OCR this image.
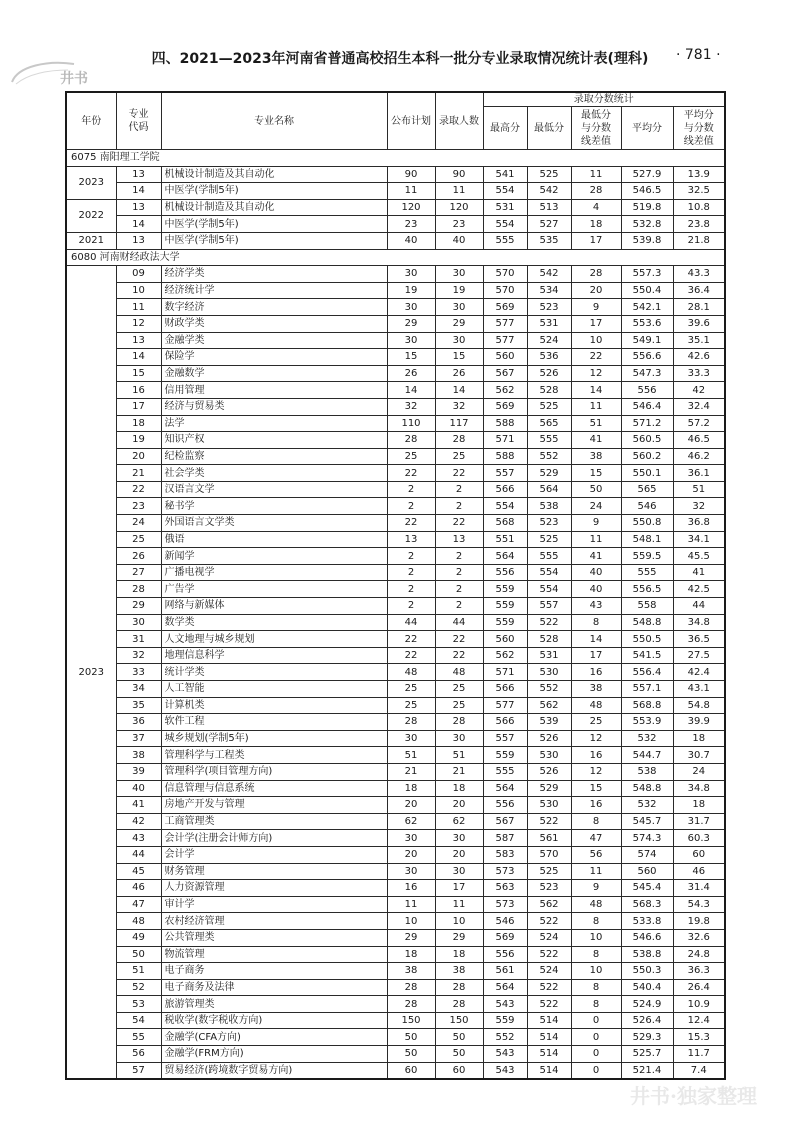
井书
四、2021—2023年河南省普通高校招生本科一批分专业录取情况统计表(理科)	· 781 ·
年份	专业代码	专业名称	公布计划	录取人数	录取分数统计				
					最高分	最低分	最低分与分数线差值	平均分	平均分与分数线差值
6075 南阳理工学院									
2023	13	机械设计制造及其自动化	90	90	541	525	11	527.9	13.9
	14	中医学(学制5年)	11	11	554	542	28	546.5	32.5
2022	13	机械设计制造及其自动化	120	120	531	513	4	519.8	10.8
	14	中医学(学制5年)	23	23	554	527	18	532.8	23.8
2021	13	中医学(学制5年)	40	40	555	535	17	539.8	21.8
6080 河南财经政法大学									
2023	09	经济学类	30	30	570	542	28	557.3	43.3
	10	经济统计学	19	19	570	534	20	550.4	36.4
	11	数字经济	30	30	569	523	9	542.1	28.1
	12	财政学类	29	29	577	531	17	553.6	39.6
	13	金融学类	30	30	577	524	10	549.1	35.1
	14	保险学	15	15	560	536	22	556.6	42.6
	15	金融数学	26	26	567	526	12	547.3	33.3
	16	信用管理	14	14	562	528	14	556	42
	17	经济与贸易类	32	32	569	525	11	546.4	32.4
	18	法学	110	117	588	565	51	571.2	57.2
	19	知识产权	28	28	571	555	41	560.5	46.5
	20	纪检监察	25	25	588	552	38	560.2	46.2
	21	社会学类	22	22	557	529	15	550.1	36.1
	22	汉语言文学	2	2	566	564	50	565	51
	23	秘书学	2	2	554	538	24	546	32
	24	外国语言文学类	22	22	568	523	9	550.8	36.8
	25	俄语	13	13	551	525	11	548.1	34.1
	26	新闻学	2	2	564	555	41	559.5	45.5
	27	广播电视学	2	2	556	554	40	555	41
	28	广告学	2	2	559	554	40	556.5	42.5
	29	网络与新媒体	2	2	559	557	43	558	44
	30	数学类	44	44	559	522	8	548.8	34.8
	31	人文地理与城乡规划	22	22	560	528	14	550.5	36.5
	32	地理信息科学	22	22	562	531	17	541.5	27.5
	33	统计学类	48	48	571	530	16	556.4	42.4
	34	人工智能	25	25	566	552	38	557.1	43.1
	35	计算机类	25	25	577	562	48	568.8	54.8
	36	软件工程	28	28	566	539	25	553.9	39.9
	37	城乡规划(学制5年)	30	30	557	526	12	532	18
	38	管理科学与工程类	51	51	559	530	16	544.7	30.7
	39	管理科学(项目管理方向)	21	21	555	526	12	538	24
	40	信息管理与信息系统	18	18	564	529	15	548.8	34.8
	41	房地产开发与管理	20	20	556	530	16	532	18
	42	工商管理类	62	62	567	522	8	545.7	31.7
	43	会计学(注册会计师方向)	30	30	587	561	47	574.3	60.3
	44	会计学	20	20	583	570	56	574	60
	45	财务管理	30	30	573	525	11	560	46
	46	人力资源管理	16	17	563	523	9	545.4	31.4
	47	审计学	11	11	573	562	48	568.3	54.3
	48	农村经济管理	10	10	546	522	8	533.8	19.8
	49	公共管理类	29	29	569	524	10	546.6	32.6
	50	物流管理	18	18	556	522	8	538.8	24.8
	51	电子商务	38	38	561	524	10	550.3	36.3
	52	电子商务及法律	28	28	564	522	8	540.4	26.4
	53	旅游管理类	28	28	543	522	8	524.9	10.9
	54	税收学(数字税收方向)	150	150	559	514	0	526.4	12.4
	55	金融学(CFA方向)	50	50	552	514	0	529.3	15.3
	56	金融学(FRM方向)	50	50	543	514	0	525.7	11.7
	57	贸易经济(跨境数字贸易方向)	60	60	543	514	0	521.4	7.4
井书·独家整理
